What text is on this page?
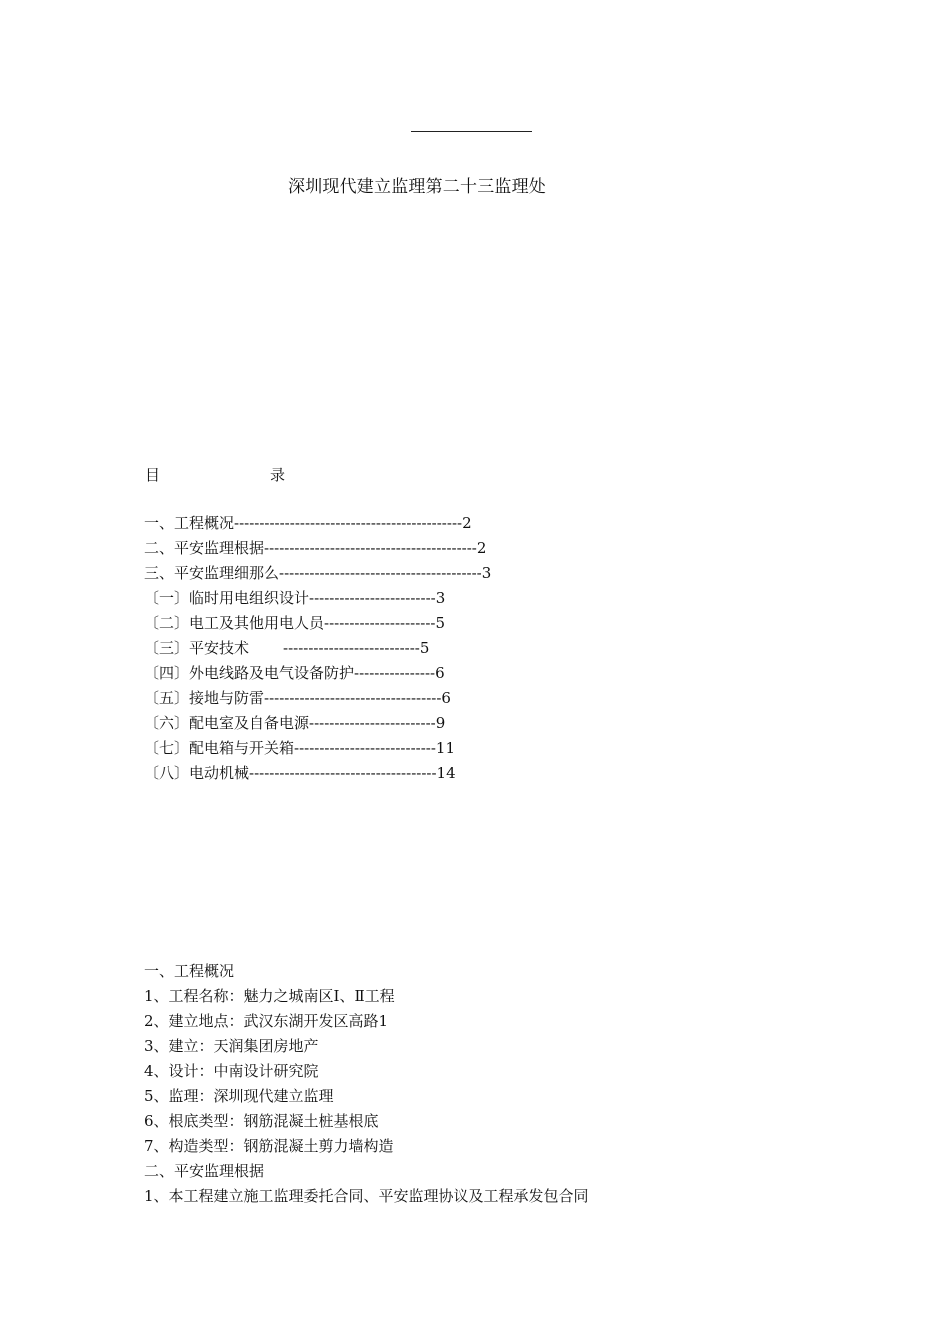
深圳现代建立监理第二十三监理处
目	录
一、工程概况---------------------------------------------2
二、平安监理根据------------------------------------------2
三、平安监理细那么----------------------------------------3
〔一〕临时用电组织设计-------------------------3
〔二〕电工及其他用电人员----------------------5
〔三〕平安技术 ---------------------------5
〔四〕外电线路及电气设备防护----------------6
〔五〕接地与防雷-----------------------------------6
〔六〕配电室及自备电源-------------------------9
〔七〕配电箱与开关箱----------------------------11
〔八〕电动机械-------------------------------------14
一、工程概况
1、工程名称：魅力之城南区Ⅰ、Ⅱ工程
2、建立地点：武汉东湖开发区高路1
3、建立：天润集团房地产
4、设计：中南设计研究院
5、监理：深圳现代建立监理
6、根底类型：钢筋混凝土桩基根底
7、构造类型：钢筋混凝土剪力墙构造
二、平安监理根据
1、本工程建立施工监理委托合同、平安监理协议及工程承发包合同
